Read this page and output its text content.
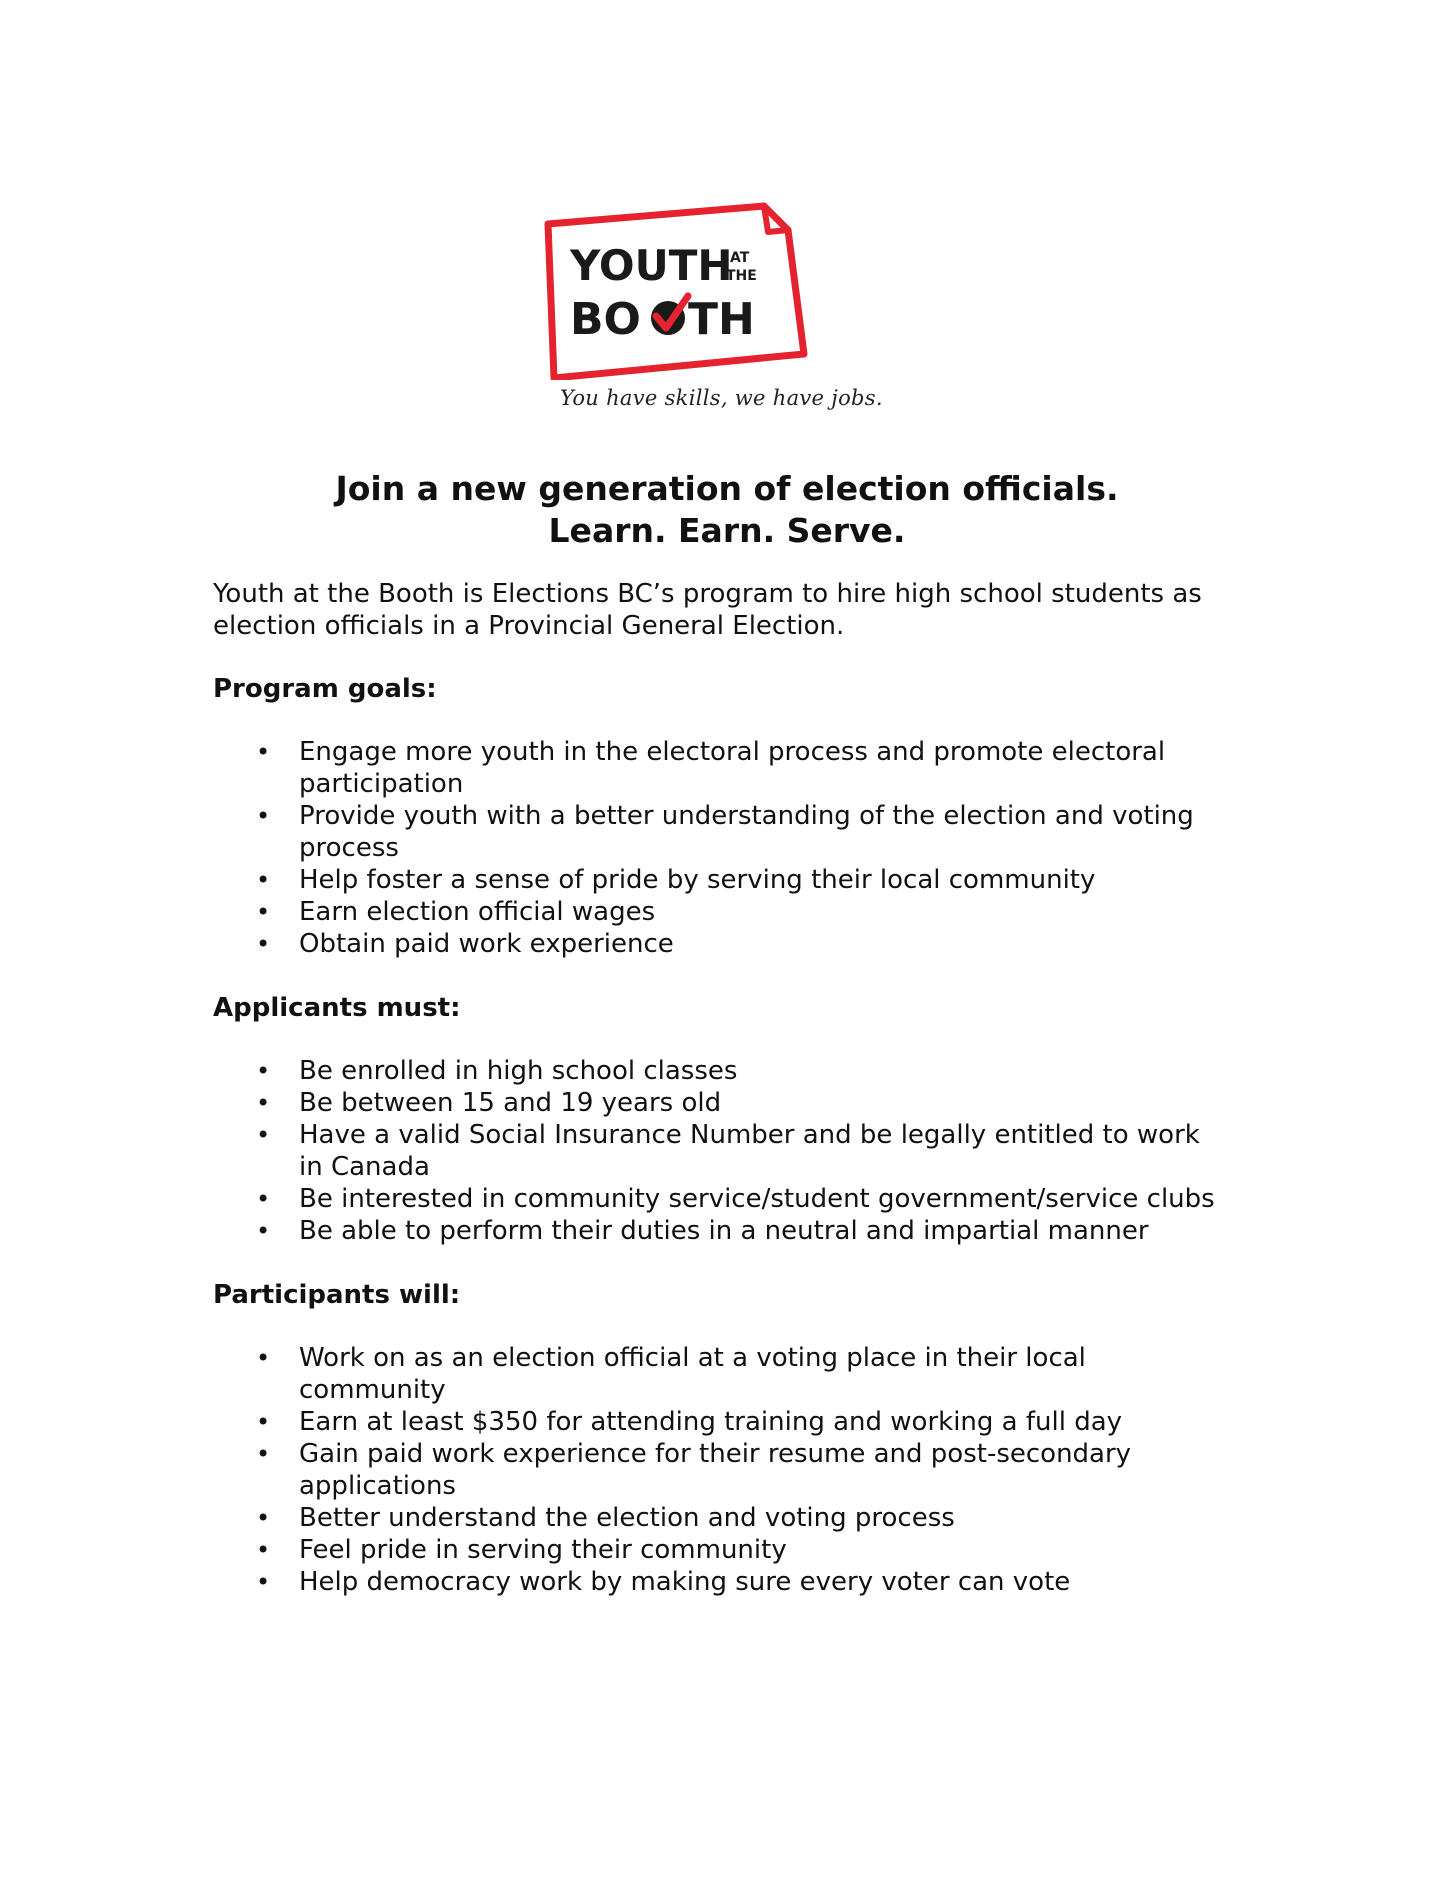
YOUTH
AT
THE
BO TH
You have skills, we have jobs.
Join a new generation of election officials.
Learn. Earn. Serve.
Youth at the Booth is Elections BC’s program to hire high school students as
election officials in a Provincial General Election.
Program goals:
• Engage more youth in the electoral process and promote electoral
participation
• Provide youth with a better understanding of the election and voting
process
• Help foster a sense of pride by serving their local community
• Earn election official wages
• Obtain paid work experience
Applicants must:
• Be enrolled in high school classes
• Be between 15 and 19 years old
• Have a valid Social Insurance Number and be legally entitled to work
in Canada
• Be interested in community service/student government/service clubs
• Be able to perform their duties in a neutral and impartial manner
Participants will:
• Work on as an election official at a voting place in their local
community
• Earn at least $350 for attending training and working a full day
• Gain paid work experience for their resume and post-secondary
applications
• Better understand the election and voting process
• Feel pride in serving their community
• Help democracy work by making sure every voter can vote
